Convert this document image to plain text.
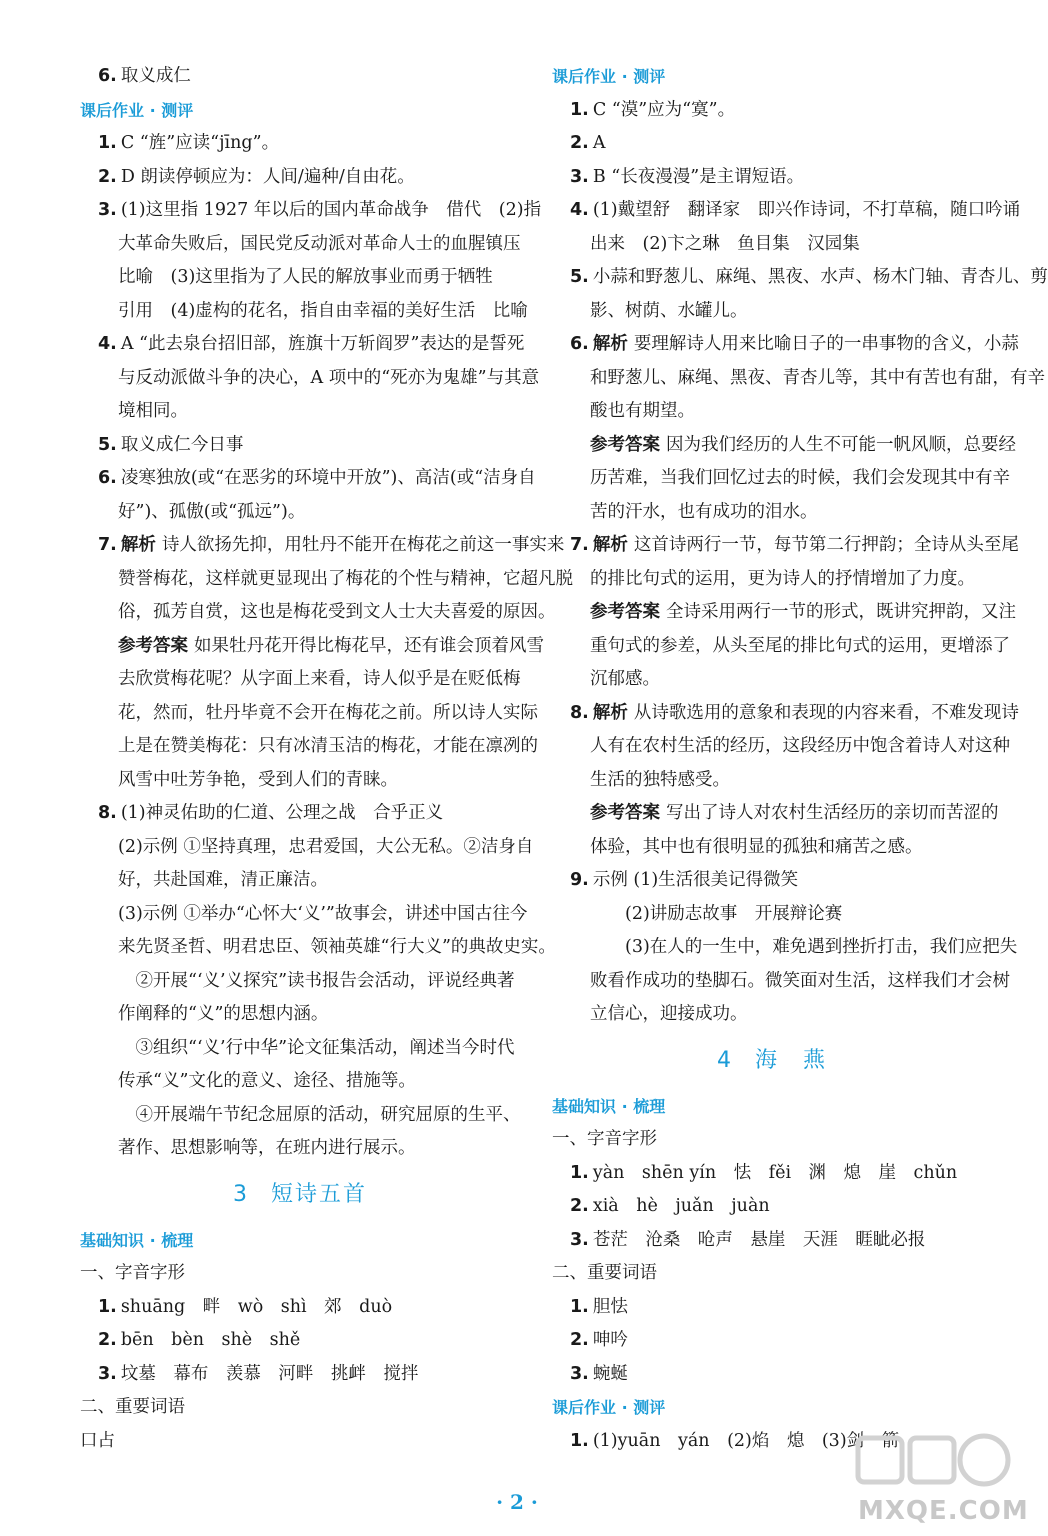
6. 取义成仁
课后作业 · 测评
1. C “旌”应读“jīng”。
2. D 朗读停顿应为：人间/遍种/自由花。
3. (1)这里指 1927 年以后的国内革命战争　借代　(2)指
大革命失败后，国民党反动派对革命人士的血腥镇压
比喻　(3)这里指为了人民的解放事业而勇于牺牲
引用　(4)虚构的花名，指自由幸福的美好生活　比喻
4. A “此去泉台招旧部，旌旗十万斩阎罗”表达的是誓死
与反动派做斗争的决心，A 项中的“死亦为鬼雄”与其意
境相同。
5. 取义成仁今日事
6. 凌寒独放(或“在恶劣的环境中开放”)、高洁(或“洁身自
好”)、孤傲(或“孤远”)。
7. 解析 诗人欲扬先抑，用牡丹不能开在梅花之前这一事实来
赞誉梅花，这样就更显现出了梅花的个性与精神，它超凡脱
俗，孤芳自赏，这也是梅花受到文人士大夫喜爱的原因。
参考答案 如果牡丹花开得比梅花早，还有谁会顶着风雪
去欣赏梅花呢？从字面上来看，诗人似乎是在贬低梅
花，然而，牡丹毕竟不会开在梅花之前。所以诗人实际
上是在赞美梅花：只有冰清玉洁的梅花，才能在凛冽的
风雪中吐芳争艳，受到人们的青睐。
8. (1)神灵佑助的仁道、公理之战　合乎正义
(2)示例 ①坚持真理，忠君爱国，大公无私。②洁身自
好，共赴国难，清正廉洁。
(3)示例 ①举办“心怀大‘义’”故事会，讲述中国古往今
来先贤圣哲、明君忠臣、领袖英雄“行大义”的典故史实。
　②开展“‘义’义探究”读书报告会活动，评说经典著
作阐释的“义”的思想内涵。
　③组织“‘义’行中华”论文征集活动，阐述当今时代
传承“义”文化的意义、途径、措施等。
　④开展端午节纪念屈原的活动，研究屈原的生平、
著作、思想影响等，在班内进行展示。
3 短诗五首
基础知识 · 梳理
一、字音字形
1. shuāng　畔　wò　shì　郊　duò
2. bēn　bèn　shè　shě
3. 坟墓　幕布　羡慕　河畔　挑衅　搅拌
二、重要词语
口占
课后作业 · 测评
1. C “漠”应为“寞”。
2. A
3. B “长夜漫漫”是主谓短语。
4. (1)戴望舒　翻译家　即兴作诗词，不打草稿，随口吟诵
出来　(2)卞之琳　鱼目集　汉园集
5. 小蒜和野葱儿、麻绳、黑夜、水声、杨木门轴、青杏儿、剪
影、树荫、水罐儿。
6. 解析 要理解诗人用来比喻日子的一串事物的含义，小蒜
和野葱儿、麻绳、黑夜、青杏儿等，其中有苦也有甜，有辛
酸也有期望。
参考答案 因为我们经历的人生不可能一帆风顺，总要经
历苦难，当我们回忆过去的时候，我们会发现其中有辛
苦的汗水，也有成功的泪水。
7. 解析 这首诗两行一节，每节第二行押韵；全诗从头至尾
的排比句式的运用，更为诗人的抒情增加了力度。
参考答案 全诗采用两行一节的形式，既讲究押韵，又注
重句式的参差，从头至尾的排比句式的运用，更增添了
沉郁感。
8. 解析 从诗歌选用的意象和表现的内容来看，不难发现诗
人有在农村生活的经历，这段经历中饱含着诗人对这种
生活的独特感受。
参考答案 写出了诗人对农村生活经历的亲切而苦涩的
体验，其中也有很明显的孤独和痛苦之感。
9. 示例 (1)生活很美记得微笑
　　(2)讲励志故事　开展辩论赛
　　(3)在人的一生中，难免遇到挫折打击，我们应把失
败看作成功的垫脚石。微笑面对生活，这样我们才会树
立信心，迎接成功。
4 海　燕
基础知识 · 梳理
一、字音字形
1. yàn　shēn yín　怯　fěi　渊　熄　崖　chǔn
2. xià　hè　juǎn　juàn
3. 苍茫　沧桑　呛声　悬崖　天涯　睚眦必报
二、重要词语
1. 胆怯
2. 呻吟
3. 蜿蜒
课后作业 · 测评
1. (1)yuān　yán　(2)焰　熄　(3)剑　箭
· 2 ·	MXQE.COM
